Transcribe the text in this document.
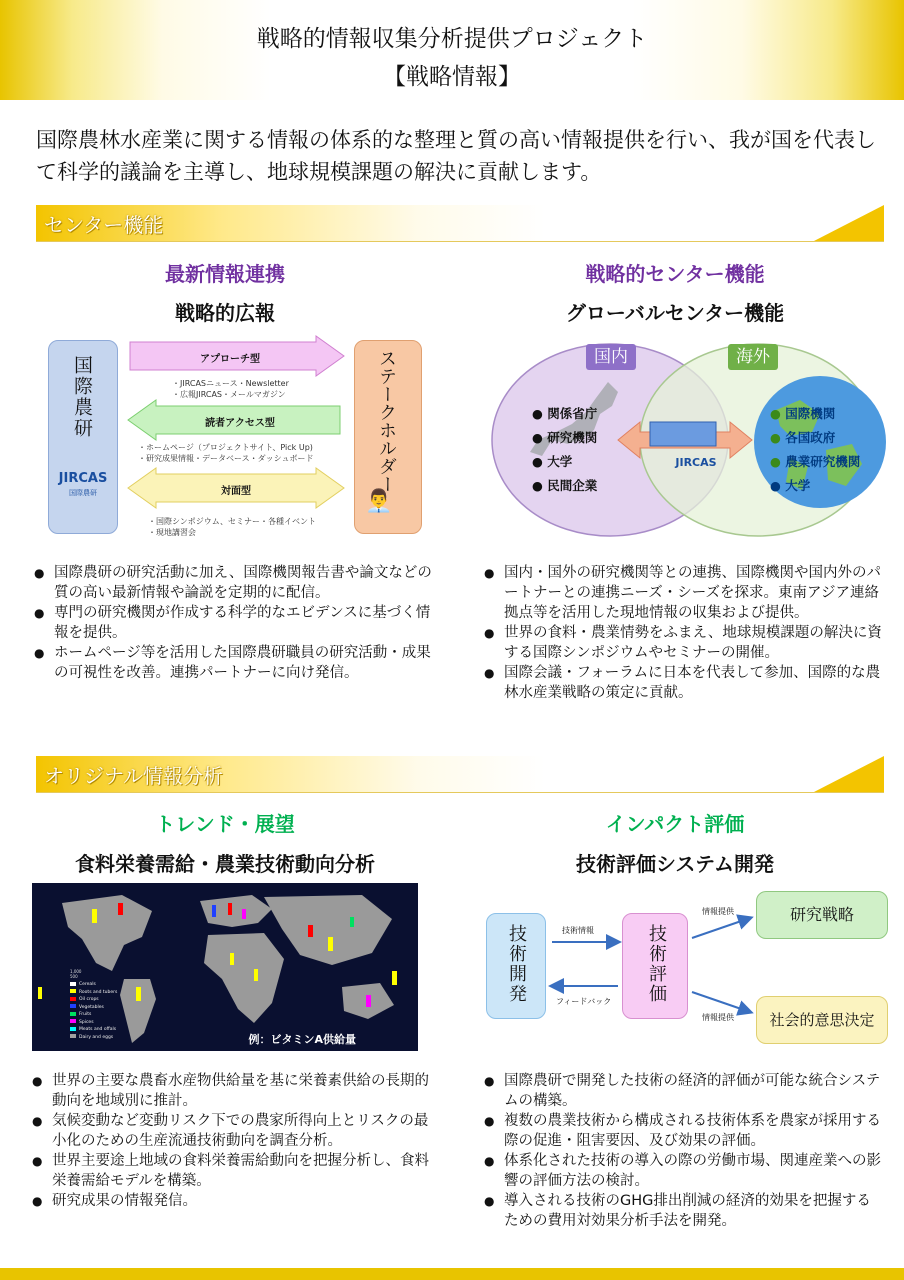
戦略的情報収集分析提供プロジェクト
【戦略情報】
国際農林水産業に関する情報の体系的な整理と質の高い情報提供を行い、我が国を代表して科学的議論を主導し、地球規模課題の解決に貢献します。
センター機能
最新情報連携
戦略的広報
国際農研
JIRCAS
国際農研	ステークホルダー
👨‍💼
アプローチ型
・JIRCASニュース・Newsletter
・広報JIRCAS・メールマガジン
読者アクセス型
・ホームページ（プロジェクトサイト、Pick Up)
・研究成果情報・データベース・ダッシュボード
対面型
・国際シンポジウム、セミナー・各種イベント
・現地講習会
● 国際農研の研究活動に加え、国際機関報告書や論文などの質の高い最新情報や論説を定期的に配信。
● 専門の研究機関が作成する科学的なエビデンスに基づく情報を提供。
● ホームページ等を活用した国際農研職員の研究活動・成果の可視性を改善。連携パートナーに向け発信。
戦略的センター機能
グローバルセンター機能
国内	海外
JIRCAS
● 関係省庁
● 研究機関
● 大学
● 民間企業
● 国際機関
● 各国政府
● 農業研究機関
● 大学
● 国内・国外の研究機関等との連携、国際機関や国内外のパートナーとの連携ニーズ・シーズを探求。東南アジア連絡拠点等を活用した現地情報の収集および提供。
● 世界の食料・農業情勢をふまえ、地球規模課題の解決に資する国際シンポジウムやセミナーの開催。
● 国際会議・フォーラムに日本を代表して参加、国際的な農林水産業戦略の策定に貢献。
オリジナル情報分析
トレンド・展望
食料栄養需給・農業技術動向分析
1,000
500
Cereals
Roots and tubers
Oil crops
Vegetables
Fruits
Spices
Meats and offals
Dairy and eggs	例：ビタミンA供給量
● 世界の主要な農畜水産物供給量を基に栄養素供給の長期的動向を地域別に推計。
● 気候変動など変動リスク下での農家所得向上とリスクの最小化のための生産流通技術動向を調査分析。
● 世界主要途上地域の食料栄養需給動向を把握分析し、食料栄養需給モデルを構築。
● 研究成果の情報発信。
インパクト評価
技術評価システム開発
技術開発	技術評価
研究戦略
社会的意思決定
技術情報
フィードバック
情報提供
情報提供
● 国際農研で開発した技術の経済的評価が可能な統合システムの構築。
● 複数の農業技術から構成される技術体系を農家が採用する際の促進・阻害要因、及び効果の評価。
● 体系化された技術の導入の際の労働市場、関連産業への影響の評価方法の検討。
● 導入される技術のGHG排出削減の経済的効果を把握するための費用対効果分析手法を開発。
